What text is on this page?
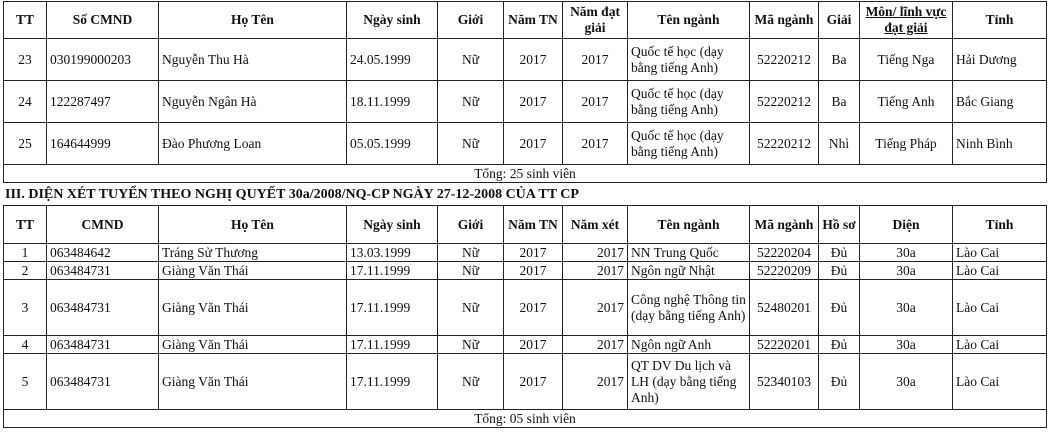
TT	Số CMND	Họ Tên	Ngày sinh	Giới	Năm TN	Năm đạt giải	Tên ngành	Mã ngành	Giải	Môn/ lĩnh vực đạt giải	Tỉnh
23	030199000203	Nguyễn Thu Hà	24.05.1999	Nữ	2017	2017	Quốc tế học (dạy bằng tiếng Anh)	52220212	Ba	Tiếng Nga	Hải Dương
24	122287497	Nguyễn Ngân Hà	18.11.1999	Nữ	2017	2017	Quốc tế học (dạy bằng tiếng Anh)	52220212	Ba	Tiếng Anh	Bắc Giang
25	164644999	Đào Phương Loan	05.05.1999	Nữ	2017	2017	Quốc tế học (dạy bằng tiếng Anh)	52220212	Nhì	Tiếng Pháp	Ninh Bình
Tổng: 25 sinh viên											
III. DIỆN XÉT TUYỂN THEO NGHỊ QUYẾT 30a/2008/NQ-CP NGÀY 27-12-2008 CỦA TT CP
TT	CMND	Họ Tên	Ngày sinh	Giới	Năm TN	Năm xét	Tên ngành	Mã ngành	Hồ sơ	Diện	Tỉnh
1	063484642	Tráng Sử Thương	13.03.1999	Nữ	2017	2017	NN Trung Quốc	52220204	Đủ	30a	Lào Cai
2	063484731	Giàng Văn Thái	17.11.1999	Nữ	2017	2017	Ngôn ngữ Nhật	52220209	Đủ	30a	Lào Cai
3	063484731	Giàng Văn Thái	17.11.1999	Nữ	2017	2017	Công nghệ Thông tin (dạy bằng tiếng Anh)	52480201	Đủ	30a	Lào Cai
4	063484731	Giàng Văn Thái	17.11.1999	Nữ	2017	2017	Ngôn ngữ Anh	52220201	Đủ	30a	Lào Cai
5	063484731	Giàng Văn Thái	17.11.1999	Nữ	2017	2017	QT DV Du lịch và LH (dạy bằng tiếng Anh)	52340103	Đủ	30a	Lào Cai
Tổng: 05 sinh viên											
